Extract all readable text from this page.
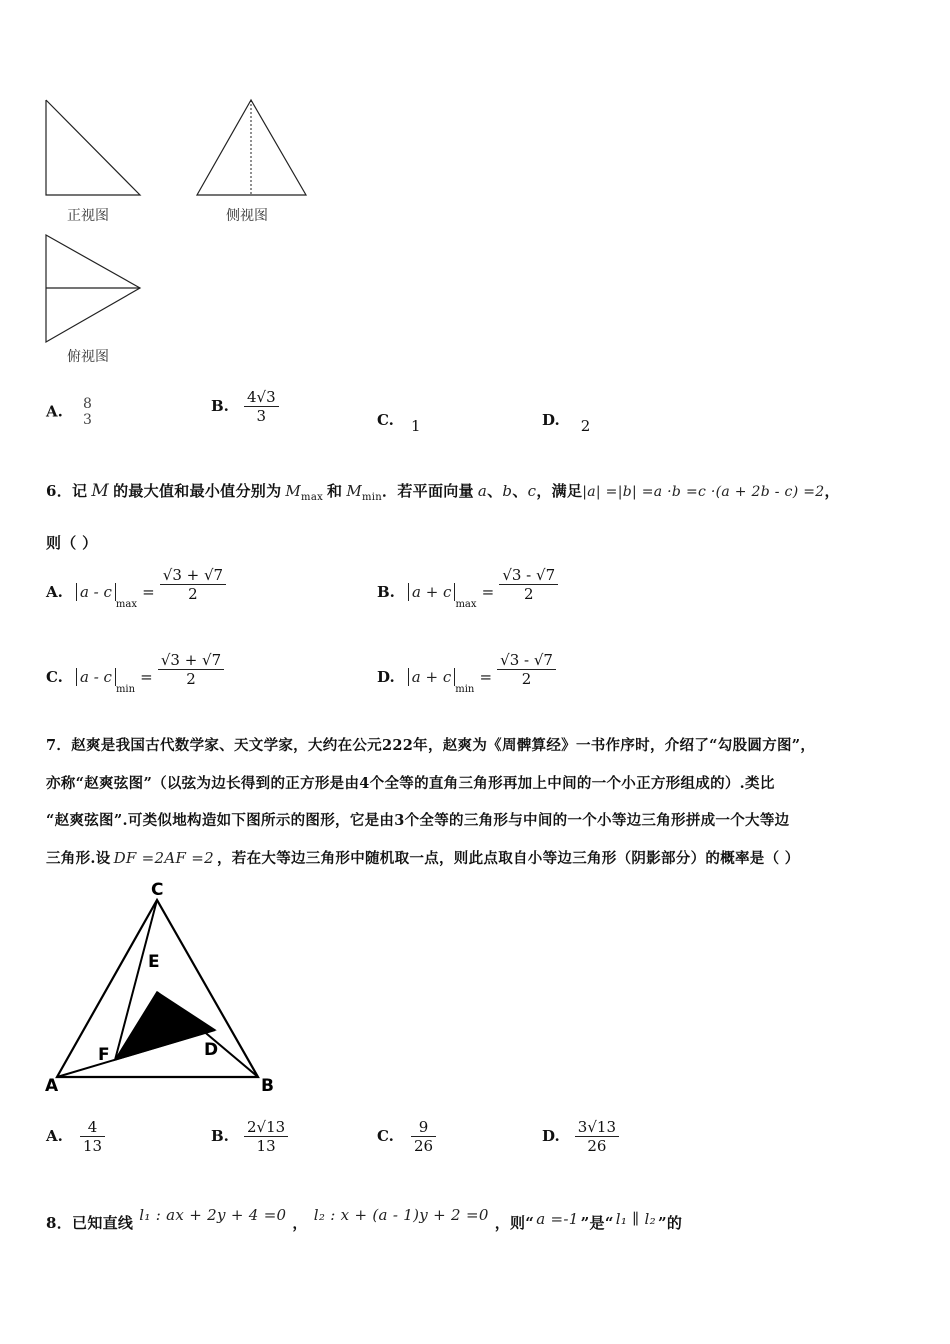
正视图	侧视图
俯视图
A. 8
3
B. $\frac{4√3}{3}$	C. 1	D. 2
6．记 M 的最大值和最小值分别为 $M_{max}$ 和 $M_{min}$．若平面向量 a、b、c，满足|a| =|b| =a ·b =c ·(a + 2b - c) =2，
则（ ）
A. $a - c_{max} = \frac{√3 + √7}{2}$	B. $a + c_{max} = \frac{√3 - √7}{2}$
C. $a - c_{min} = \frac{√3 + √7}{2}$	D. $a + c_{min} = \frac{√3 - √7}{2}$
7．赵爽是我国古代数学家、天文学家，大约在公元222年，赵爽为《周髀算经》一书作序时，介绍了“勾股圆方图”，
亦称“赵爽弦图”（以弦为边长得到的正方形是由4个全等的直角三角形再加上中间的一个小正方形组成的）.类比
“赵爽弦图”.可类似地构造如下图所示的图形，它是由3个全等的三角形与中间的一个小等边三角形拼成一个大等边
三角形.设 DF =2AF =2 ，若在大等边三角形中随机取一点，则此点取自小等边三角形（阴影部分）的概率是（ ）
C
A	B
E
D
F
A. $\frac{4}{13}$	B. $\frac{2√13}{13}$	C. $\frac{9}{26}$	D. $\frac{3√13}{26}$
8．已知直线 l₁ : ax + 2y + 4 =0 ， l₂ : x + (a - 1)y + 2 =0 ，则“ a =-1 ”是“ l₁ ∥ l₂ ”的
